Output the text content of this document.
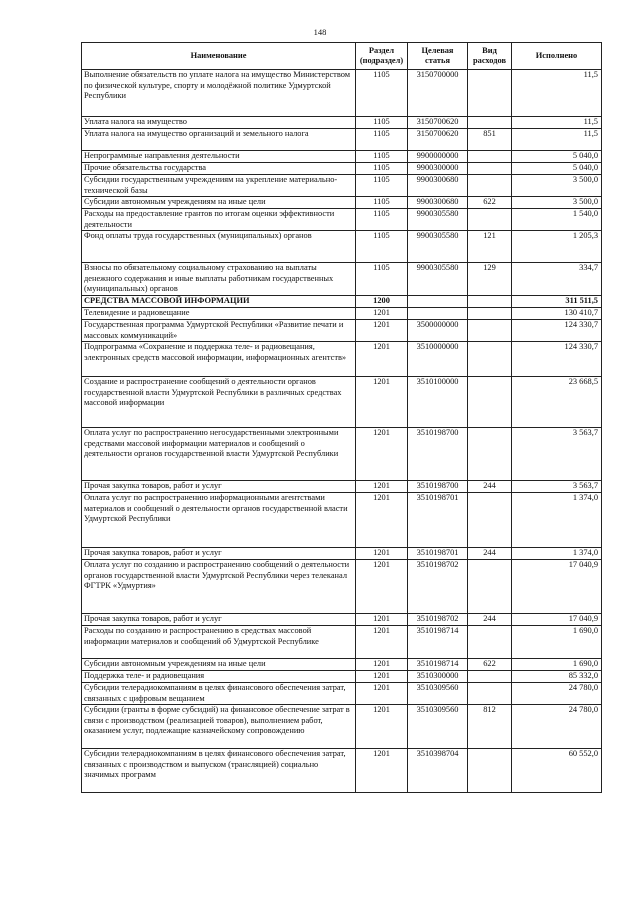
148
Наименование	Раздел (подраздел)	Целевая статья	Вид расходов	Исполнено
Выполнение обязательств по уплате налога на имущество Министерством по физической культуре, спорту и молодёжной политике Удмуртской Республики	1105	3150700000		11,5
Уплата налога на имущество	1105	3150700620		11,5
Уплата налога на имущество организаций и земельного налога	1105	3150700620	851	11,5
Непрограммные направления деятельности	1105	9900000000		5 040,0
Прочие обязательства государства	1105	9900300000		5 040,0
Субсидии государственным учреждениям на укрепление материально-технической базы	1105	9900300680		3 500,0
Субсидии автономным учреждениям на иные цели	1105	9900300680	622	3 500,0
Расходы на предоставление грантов по итогам оценки эффективности деятельности	1105	9900305580		1 540,0
Фонд оплаты труда государственных (муниципальных) органов	1105	9900305580	121	1 205,3
Взносы по обязательному социальному страхованию на выплаты денежного содержания и иные выплаты работникам государственных (муниципальных) органов	1105	9900305580	129	334,7
СРЕДСТВА МАССОВОЙ ИНФОРМАЦИИ	1200			311 511,5
Телевидение и радиовещание	1201			130 410,7
Государственная программа Удмуртской Республики «Развитие печати и массовых коммуникаций»	1201	3500000000		124 330,7
Подпрограмма «Сохранение и поддержка теле- и радиовещания, электронных средств массовой информации, информационных агентств»	1201	3510000000		124 330,7
Создание и распространение сообщений о деятельности органов государственной власти Удмуртской Республики в различных средствах массовой информации	1201	3510100000		23 668,5
Оплата услуг по распространению негосударственными электронными средствами массовой информации материалов и сообщений о деятельности органов государственной власти Удмуртской Республики	1201	3510198700		3 563,7
Прочая закупка товаров, работ и услуг	1201	3510198700	244	3 563,7
Оплата услуг по распространению информационными агентствами материалов и сообщений о деятельности органов государственной власти Удмуртской Республики	1201	3510198701		1 374,0
Прочая закупка товаров, работ и услуг	1201	3510198701	244	1 374,0
Оплата услуг по созданию и распространению сообщений о деятельности органов государственной власти Удмуртской Республики через телеканал ФГТРК «Удмуртия»	1201	3510198702		17 040,9
Прочая закупка товаров, работ и услуг	1201	3510198702	244	17 040,9
Расходы по созданию и распространению в средствах массовой информации материалов и сообщений об Удмуртской Республике	1201	3510198714		1 690,0
Субсидии автономным учреждениям на иные цели	1201	3510198714	622	1 690,0
Поддержка теле- и радиовещания	1201	3510300000		85 332,0
Субсидии телерадиокомпаниям в целях финансового обеспечения затрат, связанных с цифровым вещанием	1201	3510309560		24 780,0
Субсидии (гранты в форме субсидий) на финансовое обеспечение затрат в связи с производством (реализацией товаров), выполнением работ, оказанием услуг, подлежащие казначейскому сопровождению	1201	3510309560	812	24 780,0
Субсидии телерадиокомпаниям в целях финансового обеспечения затрат, связанных с производством и выпуском (трансляцией) социально значимых программ	1201	3510398704		60 552,0
